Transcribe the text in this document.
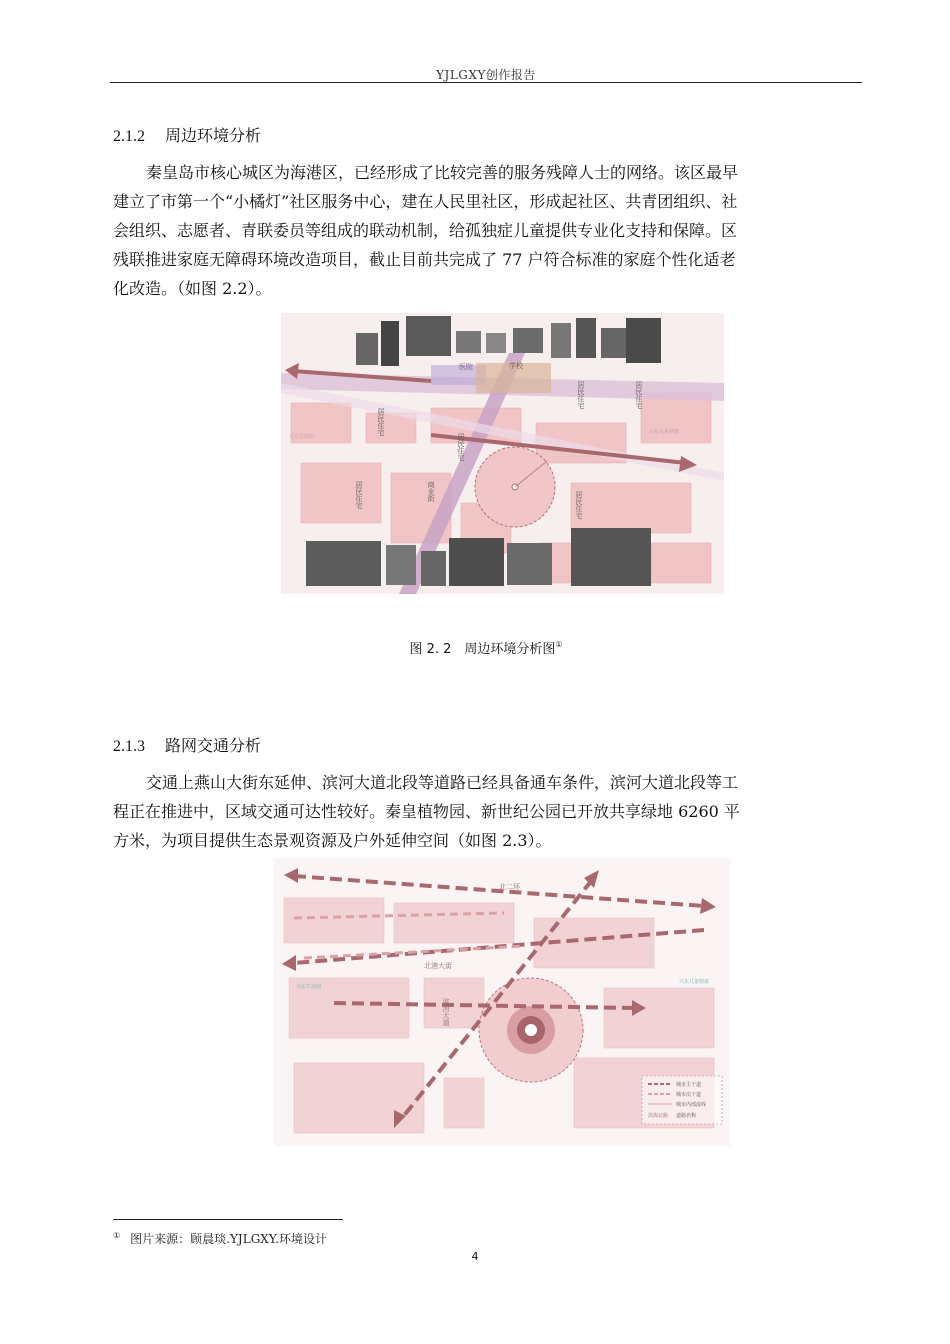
YJLGXY创作报告
2.1.2 周边环境分析
秦皇岛市核心城区为海港区，已经形成了比较完善的服务残障人士的网络。该区最早
建立了市第一个“小橘灯”社区服务中心，建在人民里社区，形成起社区、共青团组织、社
会组织、志愿者、青联委员等组成的联动机制，给孤独症儿童提供专业化支持和保障。区
残联推进家庭无障碍环境改造项目，截止目前共完成了 77 户符合标准的家庭个性化适老
化改造。（如图 2.2）。
医院	学校
居民住宅
居民住宅	居民住宅
居民住宅
居民住宅	居民住宅
商业街
兴东生态园
兴东儿童精康
图 2. 2　周边环境分析图①
2.1.3 路网交通分析
交通上燕山大街东延伸、滨河大道北段等道路已经具备通车条件，滨河大道北段等工
程正在推进中，区域交通可达性较好。秦皇植物园、新世纪公园已开放共享绿地 6260 平
方米，为项目提供生态景观资源及户外延伸空间（如图 2.3）。
北二环
北港大街
滨河大道
兴东生态园
兴东儿童精康
城市主干道
城市次干道
城市内部流线
滨海北路 道路名称
① 图片来源：顾晨琰.YJLGXY.环境设计
4
